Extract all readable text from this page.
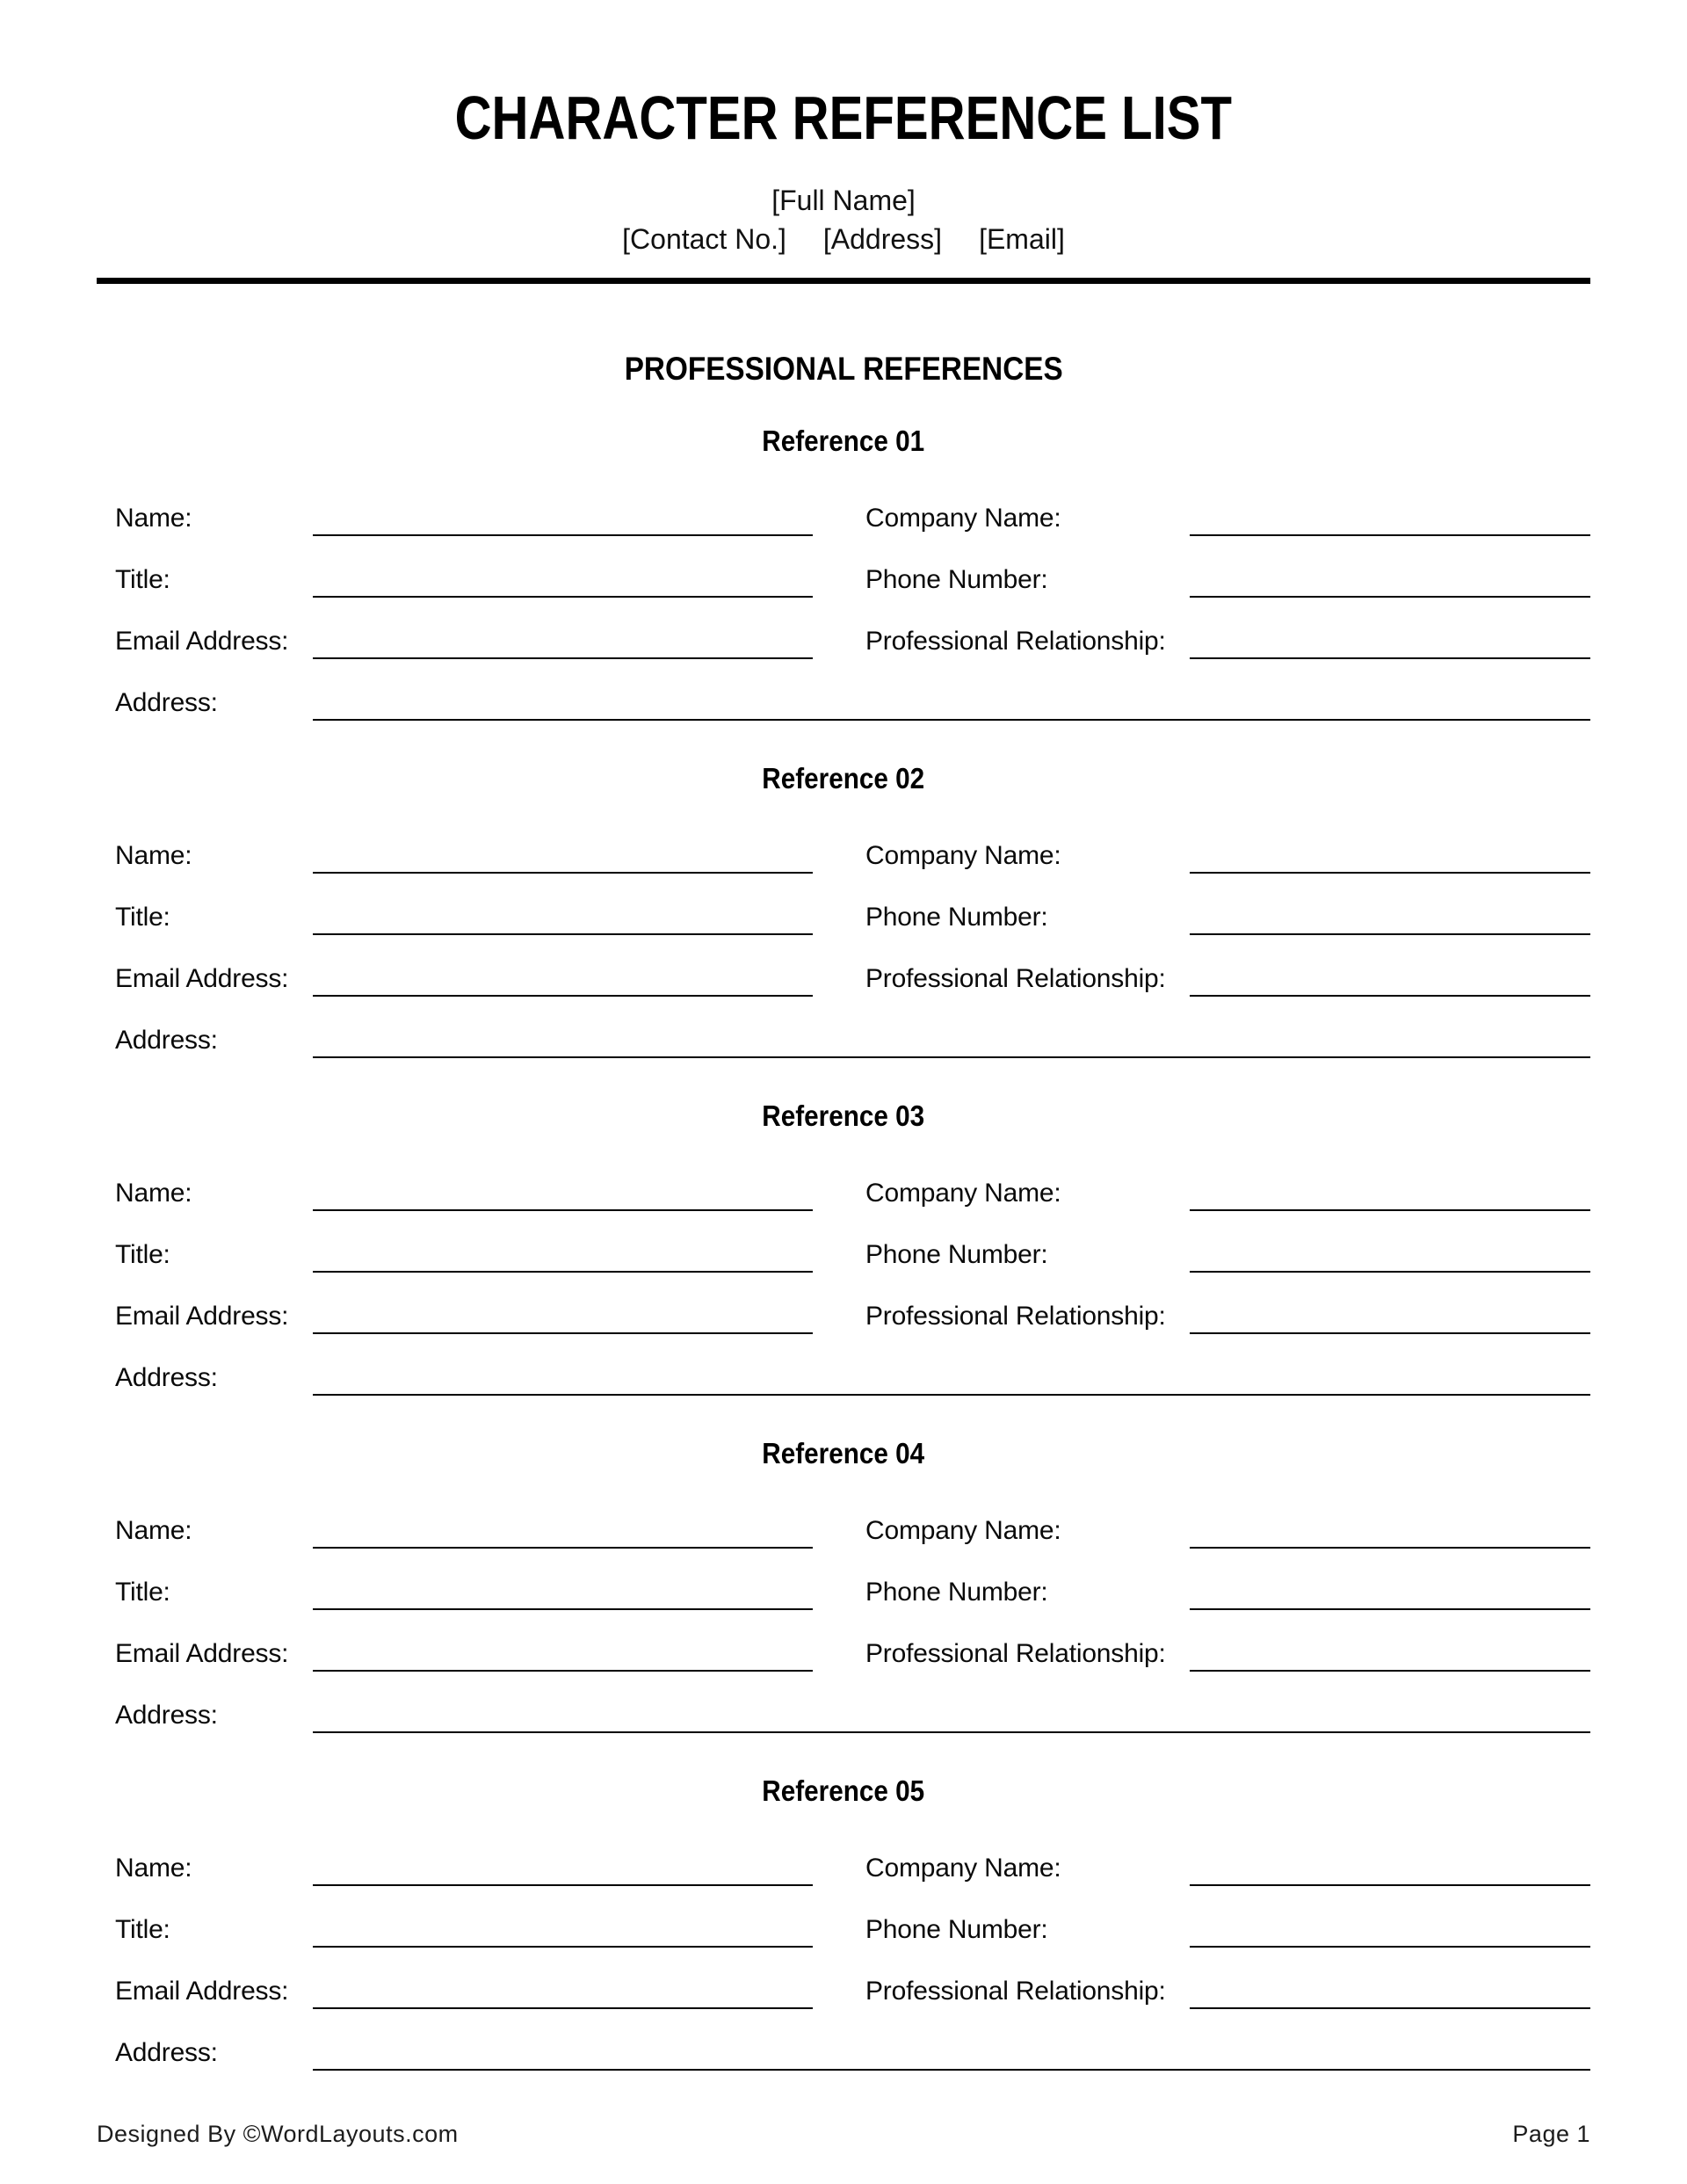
CHARACTER REFERENCE LIST
[Full Name]
[Contact No.] [Address] [Email]
PROFESSIONAL REFERENCES
Reference 01
Name:	Company Name:
Title:	Phone Number:
Email Address:	Professional Relationship:
Address:
Reference 02
Name:	Company Name:
Title:	Phone Number:
Email Address:	Professional Relationship:
Address:
Reference 03
Name:	Company Name:
Title:	Phone Number:
Email Address:	Professional Relationship:
Address:
Reference 04
Name:	Company Name:
Title:	Phone Number:
Email Address:	Professional Relationship:
Address:
Reference 05
Name:	Company Name:
Title:	Phone Number:
Email Address:	Professional Relationship:
Address:
Designed By ©WordLayouts.com	Page 1
